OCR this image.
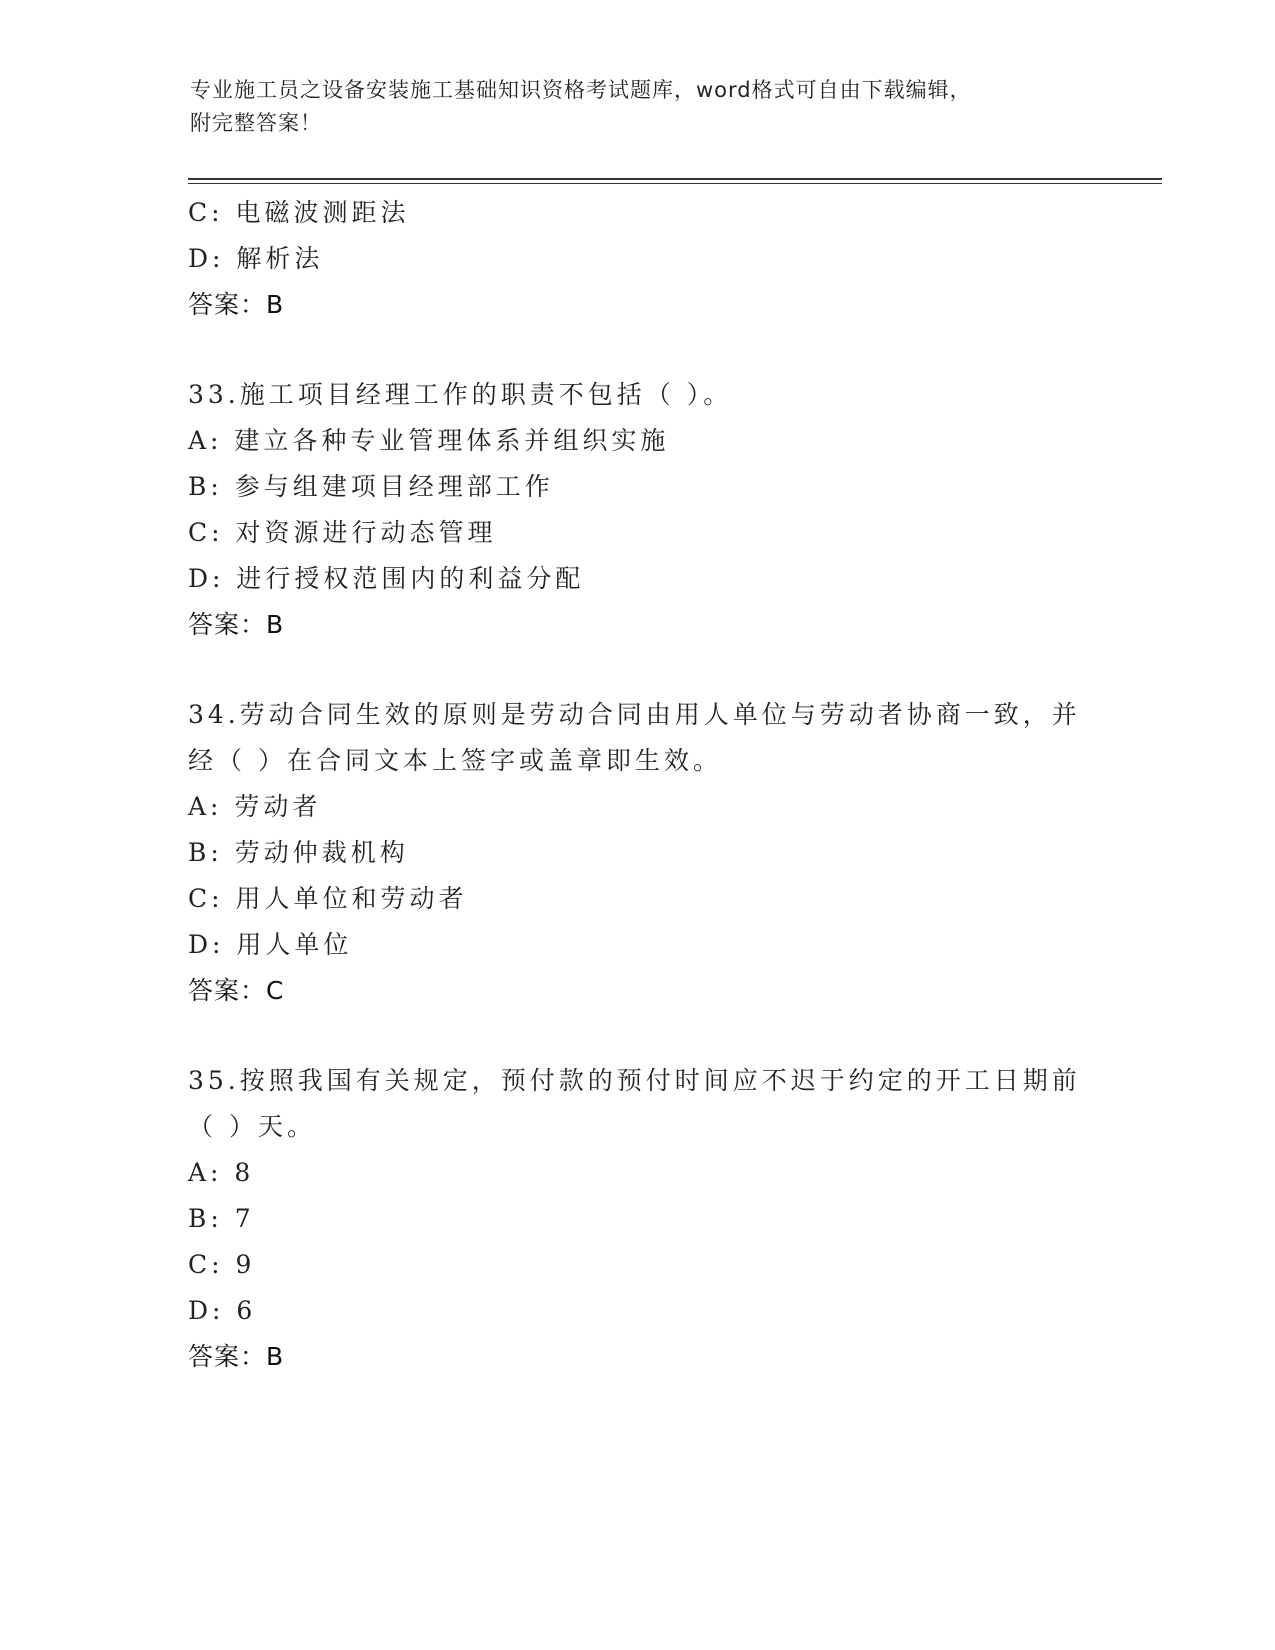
专业施工员之设备安装施工基础知识资格考试题库，word格式可自由下载编辑，
附完整答案！
C: 电磁波测距法
D: 解析法
答案：B
33.施工项目经理工作的职责不包括（ ）。
A: 建立各种专业管理体系并组织实施
B: 参与组建项目经理部工作
C: 对资源进行动态管理
D: 进行授权范围内的利益分配
答案：B
34.劳动合同生效的原则是劳动合同由用人单位与劳动者协商一致，并经（ ）在合同文本上签字或盖章即生效。
A: 劳动者
B: 劳动仲裁机构
C: 用人单位和劳动者
D: 用人单位
答案：C
35.按照我国有关规定，预付款的预付时间应不迟于约定的开工日期前（ ）天。
A: 8
B: 7
C: 9
D: 6
答案：B
